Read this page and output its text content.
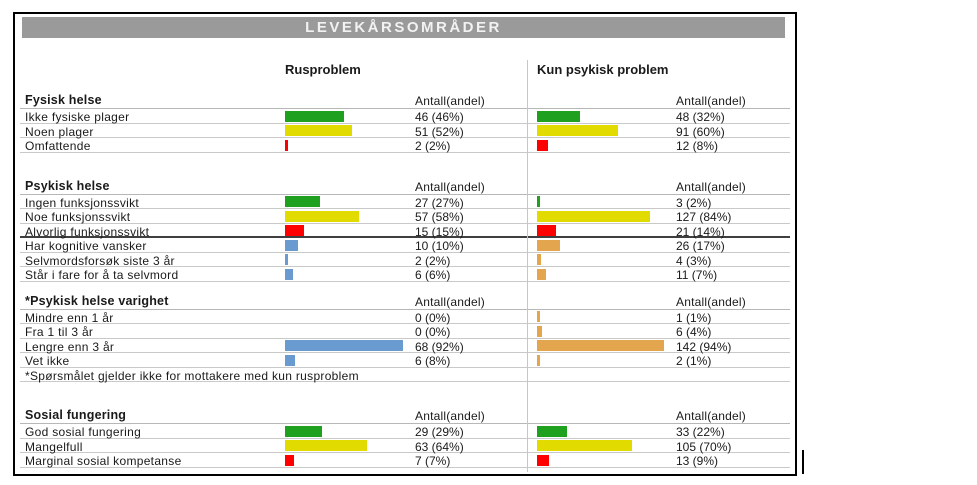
LEVEKÅRSOMRÅDER
Rusproblem	Kun psykisk problem
Fysisk helse	Antall(andel)	Antall(andel)
Ikke fysiske plager	46 (46%)	48 (32%)
Noen plager	51 (52%)	91 (60%)
Omfattende	2 (2%)	12 (8%)
Psykisk helse	Antall(andel)	Antall(andel)
Ingen funksjonssvikt	27 (27%)	3 (2%)
Noe funksjonssvikt	57 (58%)	127 (84%)
Alvorlig funksjonssvikt	15 (15%)	21 (14%)
Har kognitive vansker	10 (10%)	26 (17%)
Selvmordsforsøk siste 3 år	2 (2%)	4 (3%)
Står i fare for å ta selvmord	6 (6%)	11 (7%)
*Psykisk helse varighet	Antall(andel)	Antall(andel)
Mindre enn 1 år	0 (0%)	1 (1%)
Fra 1 til 3 år	0 (0%)	6 (4%)
Lengre enn 3 år	68 (92%)	142 (94%)
Vet ikke	6 (8%)	2 (1%)
*Spørsmålet gjelder ikke for mottakere med kun rusproblem
Sosial fungering	Antall(andel)	Antall(andel)
God sosial fungering	29 (29%)	33 (22%)
Mangelfull	63 (64%)	105 (70%)
Marginal sosial kompetanse	7 (7%)	13 (9%)
